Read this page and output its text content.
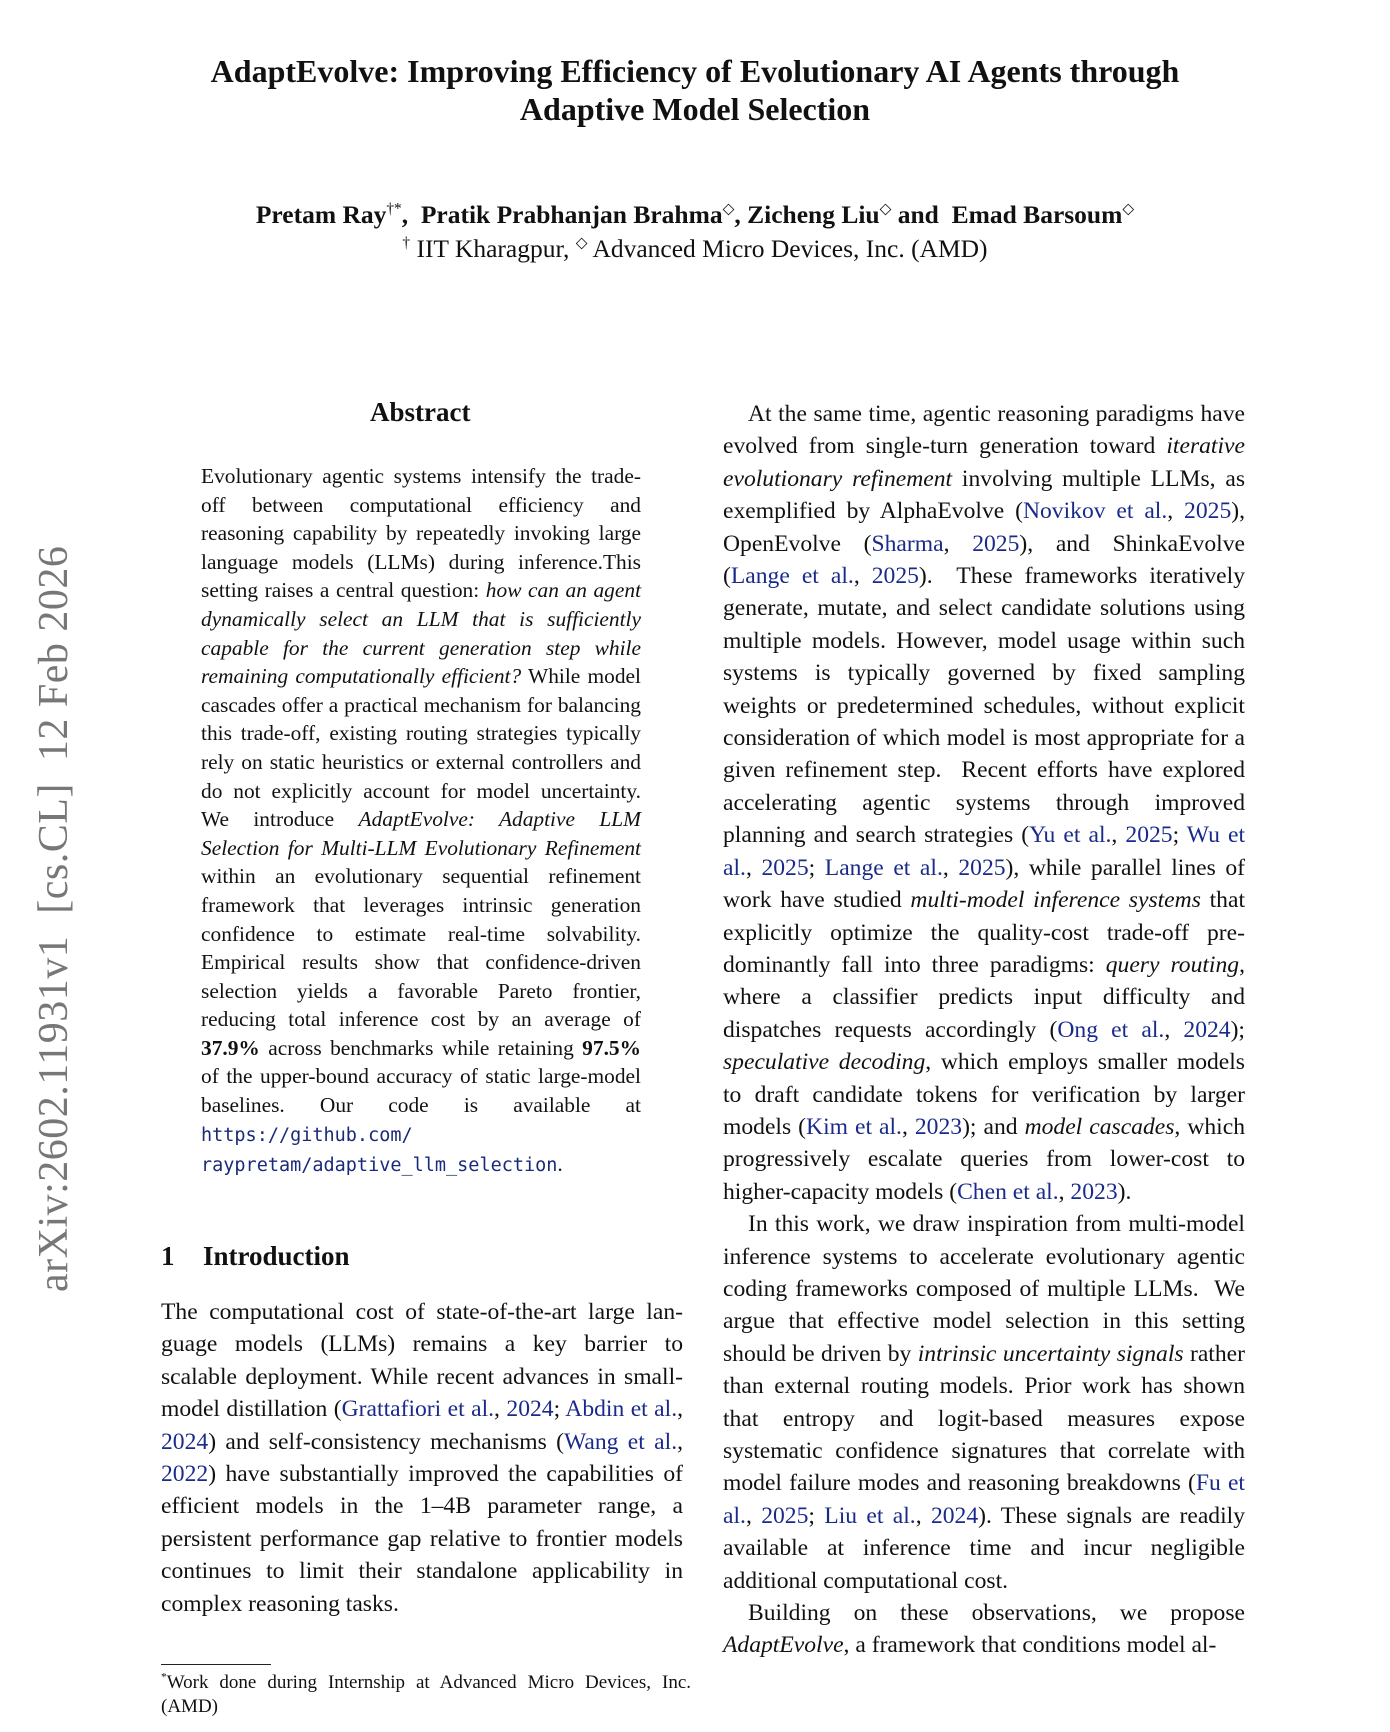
AdaptEvolve: Improving Efficiency of Evolutionary AI Agents through
Adaptive Model Selection
Pretam Ray†*, Pratik Prabhanjan Brahma◇, Zicheng Liu◇ and Emad Barsoum◇
† IIT Kharagpur, ◇ Advanced Micro Devices, Inc. (AMD)
arXiv:2602.11931v1  [cs.CL]  12 Feb 2026
Abstract
Evolutionary agentic systems intensify the trade-off between computational efficiency and reasoning capability by repeatedly invoking large language models (LLMs) during inference.This setting raises a central question: how can an agent dynamically select an LLM that is sufficiently capable for the current generation step while remaining computationally efficient? While model cascades offer a practical mechanism for balancing this trade-off, existing routing strategies typically rely on static heuristics or external controllers and do not explicitly account for model uncertainty.  We introduce AdaptEvolve: Adaptive LLM Selection for Multi-LLM Evolutionary Refinement within an evolutionary sequential refinement framework that leverages intrinsic generation confidence to estimate real-time solvability. Empirical results show that confidence-driven selection yields a favorable Pareto frontier, reducing total inference cost by an average of 37.9% across benchmarks while retaining 97.5% of the upper-bound accuracy of static large-model baselines. Our code is available at https://github.com/ raypretam/adaptive_llm_selection.
1 Introduction

The computational cost of state-of-the-art large language models (LLMs) remains a key barrier to scalable deployment. While recent advances in small-model distillation (Grattafiori et al., 2024; Abdin et al., 2024) and self-consistency mechanisms (Wang et al., 2022) have substantially improved the capabilities of efficient models in the 1–4B parameter range, a persistent performance gap relative to frontier models continues to limit their standalone applicability in complex reasoning tasks.

*Work done during Internship at Advanced Micro Devices, Inc. (AMD)

At the same time, agentic reasoning paradigms have evolved from single-turn generation toward iterative evolutionary refinement involving multiple LLMs, as exemplified by AlphaEvolve (Novikov et al., 2025), OpenEvolve (Sharma, 2025), and ShinkaEvolve (Lange et al., 2025).  These frameworks iteratively generate, mutate, and select candidate solutions using multiple models. However, model usage within such systems is typically governed by fixed sampling weights or predetermined schedules, without explicit consideration of which model is most appropriate for a given refinement step.  Recent efforts have explored accelerating agentic systems through improved planning and search strategies (Yu et al., 2025; Wu et al., 2025; Lange et al., 2025), while parallel lines of work have studied multi-model inference systems that explicitly optimize the quality-cost trade-off predominantly fall into three paradigms: query routing, where a classifier predicts input difficulty and dispatches requests accordingly (Ong et al., 2024); speculative decoding, which employs smaller models to draft candidate tokens for verification by larger models (Kim et al., 2023); and model cascades, which progressively escalate queries from lower-cost to higher-capacity models (Chen et al., 2023).

In this work, we draw inspiration from multi-model inference systems to accelerate evolutionary agentic coding frameworks composed of multiple LLMs.  We argue that effective model selection in this setting should be driven by intrinsic uncertainty signals rather than external routing models. Prior work has shown that entropy and logit-based measures expose systematic confidence signatures that correlate with model failure modes and reasoning breakdowns (Fu et al., 2025; Liu et al., 2024). These signals are readily available at inference time and incur negligible additional computational cost.

Building on these observations, we propose AdaptEvolve, a framework that conditions model al-
